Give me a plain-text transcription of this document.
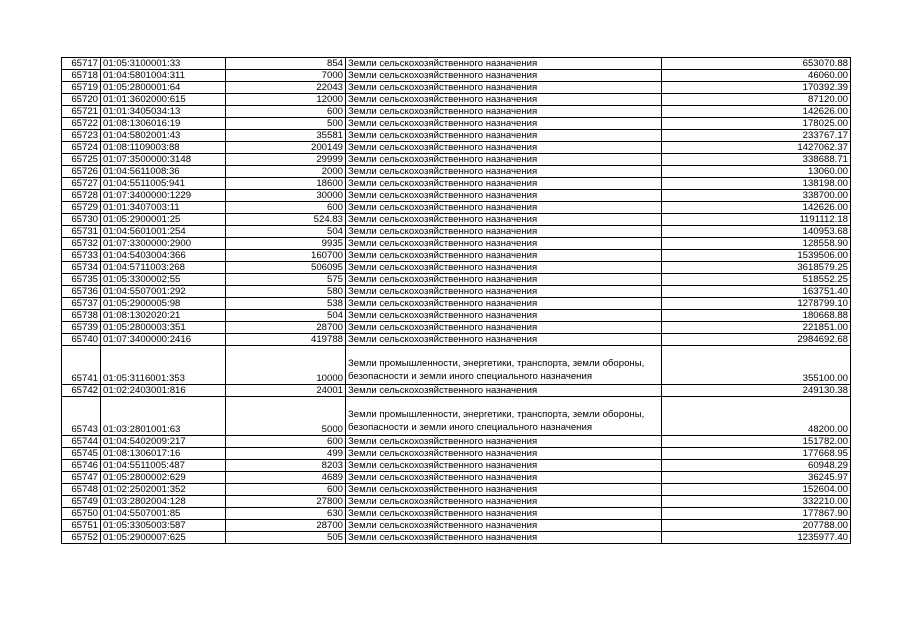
65717	01:05:3100001:33	854	Земли сельскохозяйственного назначения	653070.88
65718	01:04:5801004:311	7000	Земли сельскохозяйственного назначения	46060.00
65719	01:05:2800001:64	22043	Земли сельскохозяйственного назначения	170392.39
65720	01:01:3602000:615	12000	Земли сельскохозяйственного назначения	87120.00
65721	01:01:3405034:13	600	Земли сельскохозяйственного назначения	142626.00
65722	01:08:1306016:19	500	Земли сельскохозяйственного назначения	178025.00
65723	01:04:5802001:43	35581	Земли сельскохозяйственного назначения	233767.17
65724	01:08:1109003:88	200149	Земли сельскохозяйственного назначения	1427062.37
65725	01:07:3500000:3148	29999	Земли сельскохозяйственного назначения	338688.71
65726	01:04:5611008:36	2000	Земли сельскохозяйственного назначения	13060.00
65727	01:04:5511005:941	18600	Земли сельскохозяйственного назначения	138198.00
65728	01:07:3400000:1229	30000	Земли сельскохозяйственного назначения	338700.00
65729	01:01:3407003:11	600	Земли сельскохозяйственного назначения	142626.00
65730	01:05:2900001:25	524.83	Земли сельскохозяйственного назначения	1191112.18
65731	01:04:5601001:254	504	Земли сельскохозяйственного назначения	140953.68
65732	01:07:3300000:2900	9935	Земли сельскохозяйственного назначения	128558.90
65733	01:04:5403004:366	160700	Земли сельскохозяйственного назначения	1539506.00
65734	01:04:5711003:268	506095	Земли сельскохозяйственного назначения	3618579.25
65735	01:05:3300002:55	575	Земли сельскохозяйственного назначения	518552.25
65736	01:04:5507001:292	580	Земли сельскохозяйственного назначения	163751.40
65737	01:05:2900005:98	538	Земли сельскохозяйственного назначения	1278799.10
65738	01:08:1302020:21	504	Земли сельскохозяйственного назначения	180668.88
65739	01:05:2800003:351	28700	Земли сельскохозяйственного назначения	221851.00
65740	01:07:3400000:2416	419788	Земли сельскохозяйственного назначения	2984692.68
65741	01:05:3116001:353	10000	Земли промышленности, энергетики, транспорта, земли обороны, безопасности и земли иного специального назначения	355100.00
65742	01:02:2403001:816	24001	Земли сельскохозяйственного назначения	249130.38
65743	01:03:2801001:63	5000	Земли промышленности, энергетики, транспорта, земли обороны, безопасности и земли иного специального назначения	48200.00
65744	01:04:5402009:217	600	Земли сельскохозяйственного назначения	151782.00
65745	01:08:1306017:16	499	Земли сельскохозяйственного назначения	177668.95
65746	01:04:5511005:487	8203	Земли сельскохозяйственного назначения	60948.29
65747	01:05:2800002:629	4689	Земли сельскохозяйственного назначения	36245.97
65748	01:02:2502001:352	600	Земли сельскохозяйственного назначения	152604.00
65749	01:03:2802004:128	27800	Земли сельскохозяйственного назначения	332210.00
65750	01:04:5507001:85	630	Земли сельскохозяйственного назначения	177867.90
65751	01:05:3305003:587	28700	Земли сельскохозяйственного назначения	207788.00
65752	01:05:2900007:625	505	Земли сельскохозяйственного назначения	1235977.40
